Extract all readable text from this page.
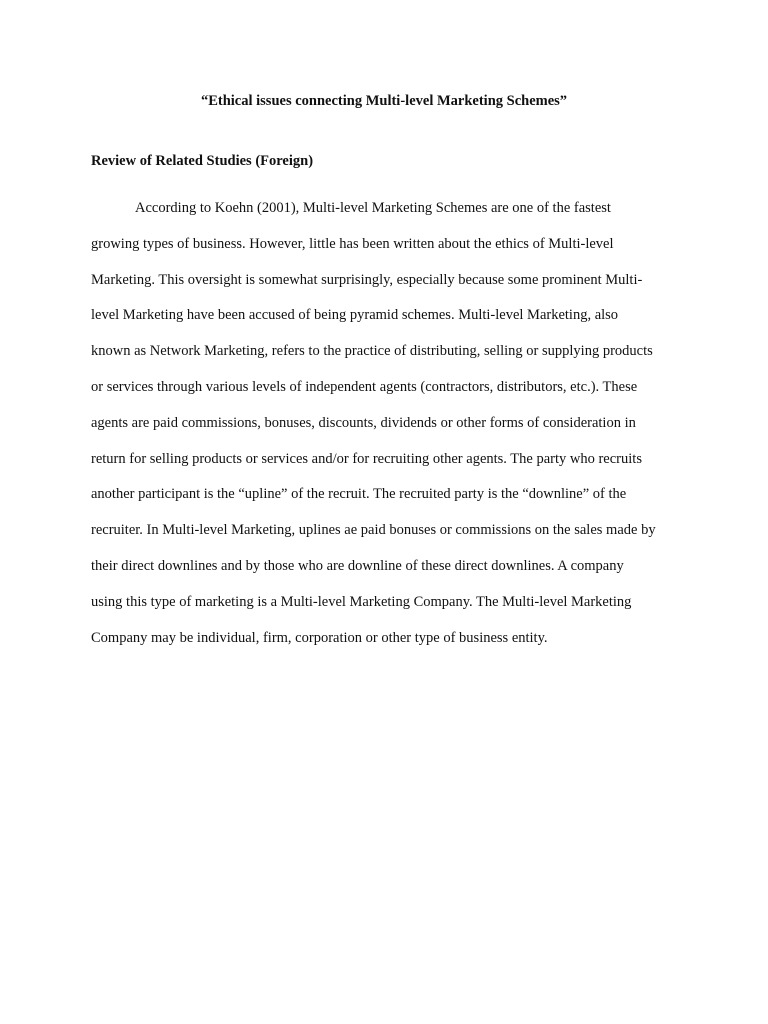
“Ethical issues connecting Multi-level Marketing Schemes”
Review of Related Studies (Foreign)
According to Koehn (2001), Multi-level Marketing Schemes are one of the fastest
growing types of business. However, little has been written about the ethics of Multi-level
Marketing. This oversight is somewhat surprisingly, especially because some prominent Multi-
level Marketing have been accused of being pyramid schemes. Multi-level Marketing, also
known as Network Marketing, refers to the practice of distributing, selling or supplying products
or services through various levels of independent agents (contractors, distributors, etc.). These
agents are paid commissions, bonuses, discounts, dividends or other forms of consideration in
return for selling products or services and/or for recruiting other agents. The party who recruits
another participant is the “upline” of the recruit. The recruited party is the “downline” of the
recruiter. In Multi-level Marketing, uplines ae paid bonuses or commissions on the sales made by
their direct downlines and by those who are downline of these direct downlines. A company
using this type of marketing is a Multi-level Marketing Company. The Multi-level Marketing
Company may be individual, firm, corporation or other type of business entity.
